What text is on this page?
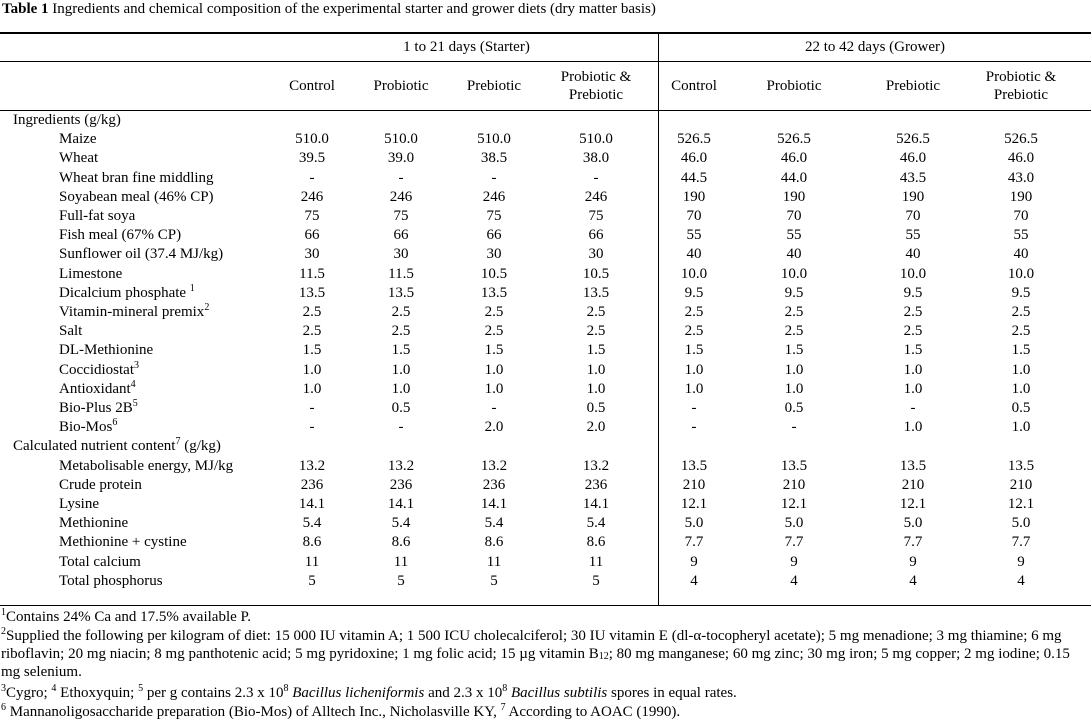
Table 1 Ingredients and chemical composition of the experimental starter and grower diets (dry matter basis)
1 to 21 days (Starter)	22 to 42 days (Grower)
Control	Probiotic	Prebiotic
Probiotic &
Prebiotic
Control	Probiotic	Prebiotic
Probiotic &
Prebiotic
Ingredients (g/kg)
Maize	510.0	510.0	510.0	510.0	526.5	526.5	526.5	526.5
Wheat	39.5	39.0	38.5	38.0	46.0	46.0	46.0	46.0
Wheat bran fine middling	-	-	-	-	44.5	44.0	43.5	43.0
Soyabean meal (46% CP)	246	246	246	246	190	190	190	190
Full-fat soya	75	75	75	75	70	70	70	70
Fish meal (67% CP)	66	66	66	66	55	55	55	55
Sunflower oil (37.4 MJ/kg)	30	30	30	30	40	40	40	40
Limestone	11.5	11.5	10.5	10.5	10.0	10.0	10.0	10.0
Dicalcium phosphate $^1$	13.5	13.5	13.5	13.5	9.5	9.5	9.5	9.5
Vitamin-mineral premix$^2$	2.5	2.5	2.5	2.5	2.5	2.5	2.5	2.5
Salt	2.5	2.5	2.5	2.5	2.5	2.5	2.5	2.5
DL-Methionine	1.5	1.5	1.5	1.5	1.5	1.5	1.5	1.5
Coccidiostat$^3$	1.0	1.0	1.0	1.0	1.0	1.0	1.0	1.0
Antioxidant$^4$	1.0	1.0	1.0	1.0	1.0	1.0	1.0	1.0
Bio-Plus $2B^5$	-	0.5	-	0.5	-	0.5	-	0.5
Bio-Mos$^6$	-	-	2.0	2.0	-	-	1.0	1.0
Calculated nutrient content$^7$ (g/kg)
Metabolisable energy, MJ/kg	13.2	13.2	13.2	13.2	13.5	13.5	13.5	13.5
Crude protein	236	236	236	236	210	210	210	210
Lysine	14.1	14.1	14.1	14.1	12.1	12.1	12.1	12.1
Methionine	5.4	5.4	5.4	5.4	5.0	5.0	5.0	5.0
Methionine + cystine	8.6	8.6	8.6	8.6	7.7	7.7	7.7	7.7
Total calcium	11	11	11	11	9	9	9	9
Total phosphorus	5	5	5	5	4	4	4	4
$^1$Contains 24% Ca and 17.5% available P.
$^2$Supplied the following per kilogram of diet: 15 000 IU vitamin A; 1 500 ICU cholecalciferol; 30 IU vitamin E (dl-α-tocopheryl acetate); 5 mg menadione; 3 mg thiamine; 6 mg riboflavin; 20 mg niacin; 8 mg panthotenic acid; 5 mg pyridoxine; 1 mg folic acid; 15 µg vitamin $B_{12}$; 80 mg manganese; 60 mg zinc; 30 mg iron; 5 mg copper; 2 mg iodine; 0.15 mg selenium.
$^3$Cygro; $^4$ Ethoxyquin; $^5$ per g contains 2.3 x $10^8$ Bacillus licheniformis and 2.3 x $10^8$ Bacillus subtilis spores in equal rates.
$^6$ Mannanoligosaccharide preparation (Bio-Mos) of Alltech Inc., Nicholasville KY, $^7$ According to AOAC (1990).
